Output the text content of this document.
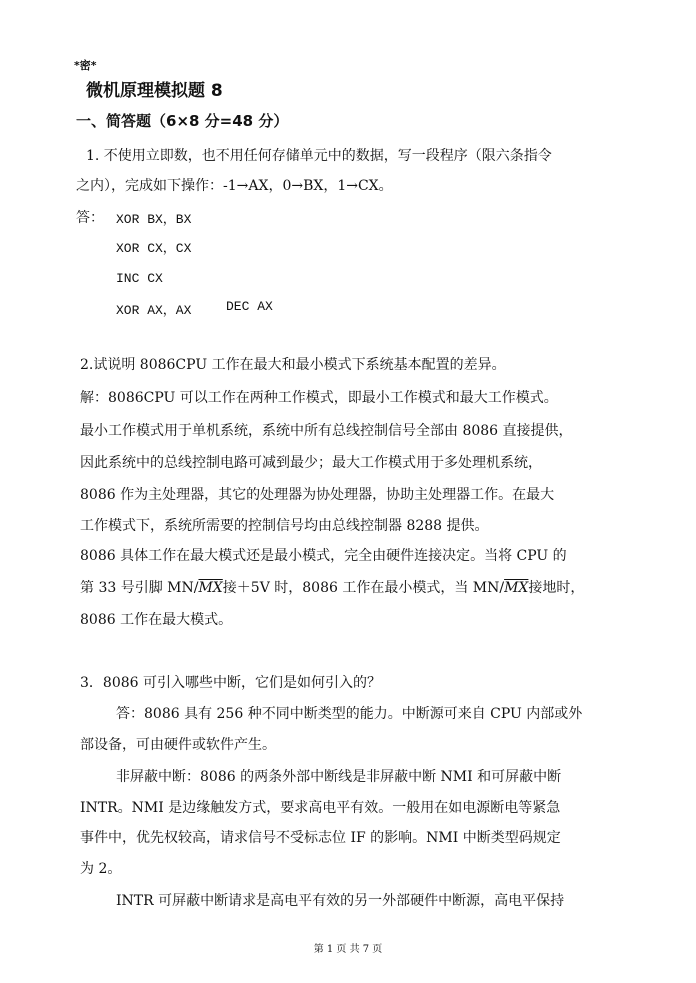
*密*
微机原理模拟题 8
一、简答题（6×8 分=48 分）
1. 不使用立即数，也不用任何存储单元中的数据，写一段程序（限六条指令
之内），完成如下操作：-1→AX，0→BX，1→CX。
答： XOR BX，BX
XOR CX，CX
INC CX
XOR AX，AX	DEC AX
2.试说明 8086CPU 工作在最大和最小模式下系统基本配置的差异。
解：8086CPU 可以工作在两种工作模式，即最小工作模式和最大工作模式。
最小工作模式用于单机系统，系统中所有总线控制信号全部由 8086 直接提供，
因此系统中的总线控制电路可减到最少；最大工作模式用于多处理机系统，
8086 作为主处理器，其它的处理器为协处理器，协助主处理器工作。在最大
工作模式下，系统所需要的控制信号均由总线控制器 8288 提供。
8086 具体工作在最大模式还是最小模式，完全由硬件连接决定。当将 CPU 的
第 33 号引脚 $MN/\overline{MX}$接＋5V 时，8086 工作在最小模式，当 $MN/\overline{MX}$接地时，
8086 工作在最大模式。
3．8086 可引入哪些中断，它们是如何引入的？
答：8086 具有 256 种不同中断类型的能力。中断源可来自 CPU 内部或外
部设备，可由硬件或软件产生。
非屏蔽中断：8086 的两条外部中断线是非屏蔽中断 NMI 和可屏蔽中断
INTR。NMI 是边缘触发方式，要求高电平有效。一般用在如电源断电等紧急
事件中，优先权较高，请求信号不受标志位 IF 的影响。NMI 中断类型码规定
为 2。
INTR 可屏蔽中断请求是高电平有效的另一外部硬件中断源，高电平保持
第 1 页 共 7 页
